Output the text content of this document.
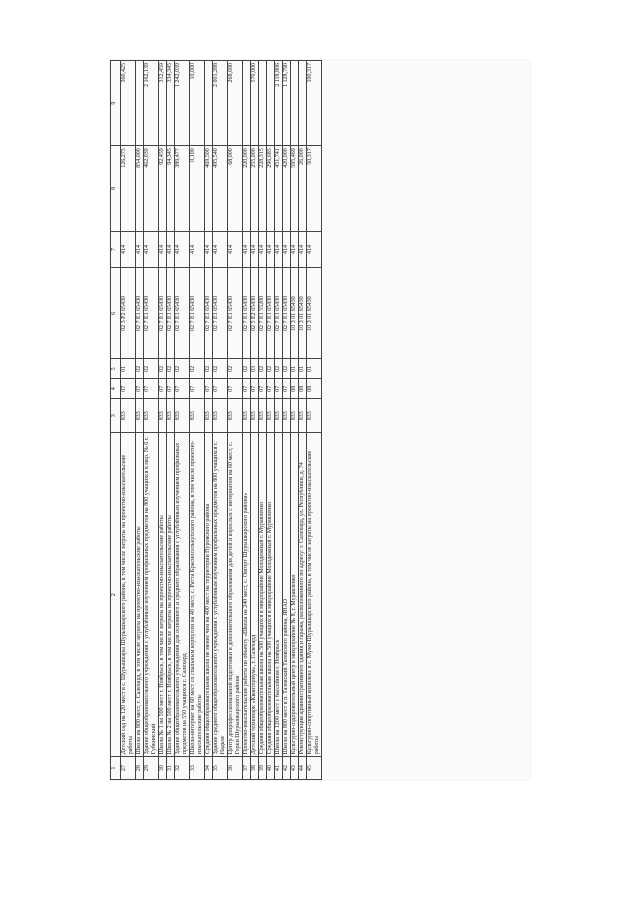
1	2	3	4	5	6	7	8	9
27	Детский сад на 120 мест в с. Шурышкары Шурышкарского района, в том числе затраты на проектно-изыскательские работы	833	07	01	02 3 P2 65430	414	126,275	360,425
28	Школа на 800 мест, г. Салехард, в том числе затраты на проектно-изыскательские работы	833	07	02	02 7 E1 65430	414	854,000	
29	Здание общеобразовательного учреждения с углублённым изучением профильных предметов на 800 учащихся в мкр. № 6 г. Губкинский	833	07	02	02 7 E1 65430	414	462,039	2 162,139
30	Школа № 1 на 500 мест г. Ноябрьск, в том числе затраты на проектно-изыскательские работы	833	07	02	02 7 E1 65430	414	92,459	312,459
31	Школа № 2 на 500 мест г. Ноябрьск, в том числе затраты на проектно-изыскательские работы	833	07	02	02 7 E1 65430	414	94,345	334,345
32	Здание общеобразовательного учреждения для основного и среднего образования с углублённым изучением профильных предметов на 550 учащихся г. Салехард	833	07	02	02 7 E1 65430	414	389,477	1 242,039
33	Школа-интернат на 60 мест со спальным корпусом на 40 мест, с. Ратта Красноселькупского района, в том числе проектно-изыскательские работы	833	07	02	02 7 E1 65430	414	0,100	10,000
34	Средняя общеобразовательная школа не менее чем на 400 мест на территории Пуровского района	833	07	02	02 7 E1 65430	414	469,500	
35	Здание среднего общеобразовательного учреждения с углублённым изучением профильных предметов на 800 учащихся г. Надым	833	07	02	02 7 E1 65430	414	495,540	2 001,288
36	Центр допрофессиональной подготовки и дополнительного образования для детей и взрослых с интернатом на 60 мест, с. Горки Шурышкарского района	833	07	02	02 7 E1 65430	414	68,000	268,690
37	Проектно-изыскательские работы по объекту «Школа на 240 мест, с. Овгорт Шурышкарского района»	833	07	02	02 7 E1 65430	414	220,000	
38	Детский технопарк «Кванториум», г. Салехард	833	07	03	02 5 E2 65430	414	255,000	570,000
39	Средняя общеобразовательная школа на 500 учащихся в микрорайоне Молодежный г. Муравленко	833	07	02	02 7 E1 55200	414	228,315	
40	Средняя общеобразовательная школа на 500 учащихся в микрорайоне Молодежный г. Муравленко	833	07	02	02 7 E1 65430	414	296,685	
41	Школа на 1200 мест с бассейном г. Ноябрьск	833	07	02	02 7 E1 65430	414	451,741	2 118,806
42	Школа на 800 мест в п. Тазовский Тазовского района, ЯНАО	833	07	02	02 7 E1 65430	414	420,000	1 128,790
43	Культурно-оздоровительный центр в микрорайоне № 8, г. Муравленко	833	08	01	10 3 01 65430	414	595,469	
44	Реконструкция административного здания и гаража, расположенного по адресу: г. Салехард, ул. Республики, д. 74	833	08	01	10 3 01 65430	414	26,000	
45	Культурно-спортивный комплекс в с. Мужи Шурышкарского района, в том числе затраты на проектно-изыскательские работы	833	08	01	10 3 01 65430	414	50,317	100,317
